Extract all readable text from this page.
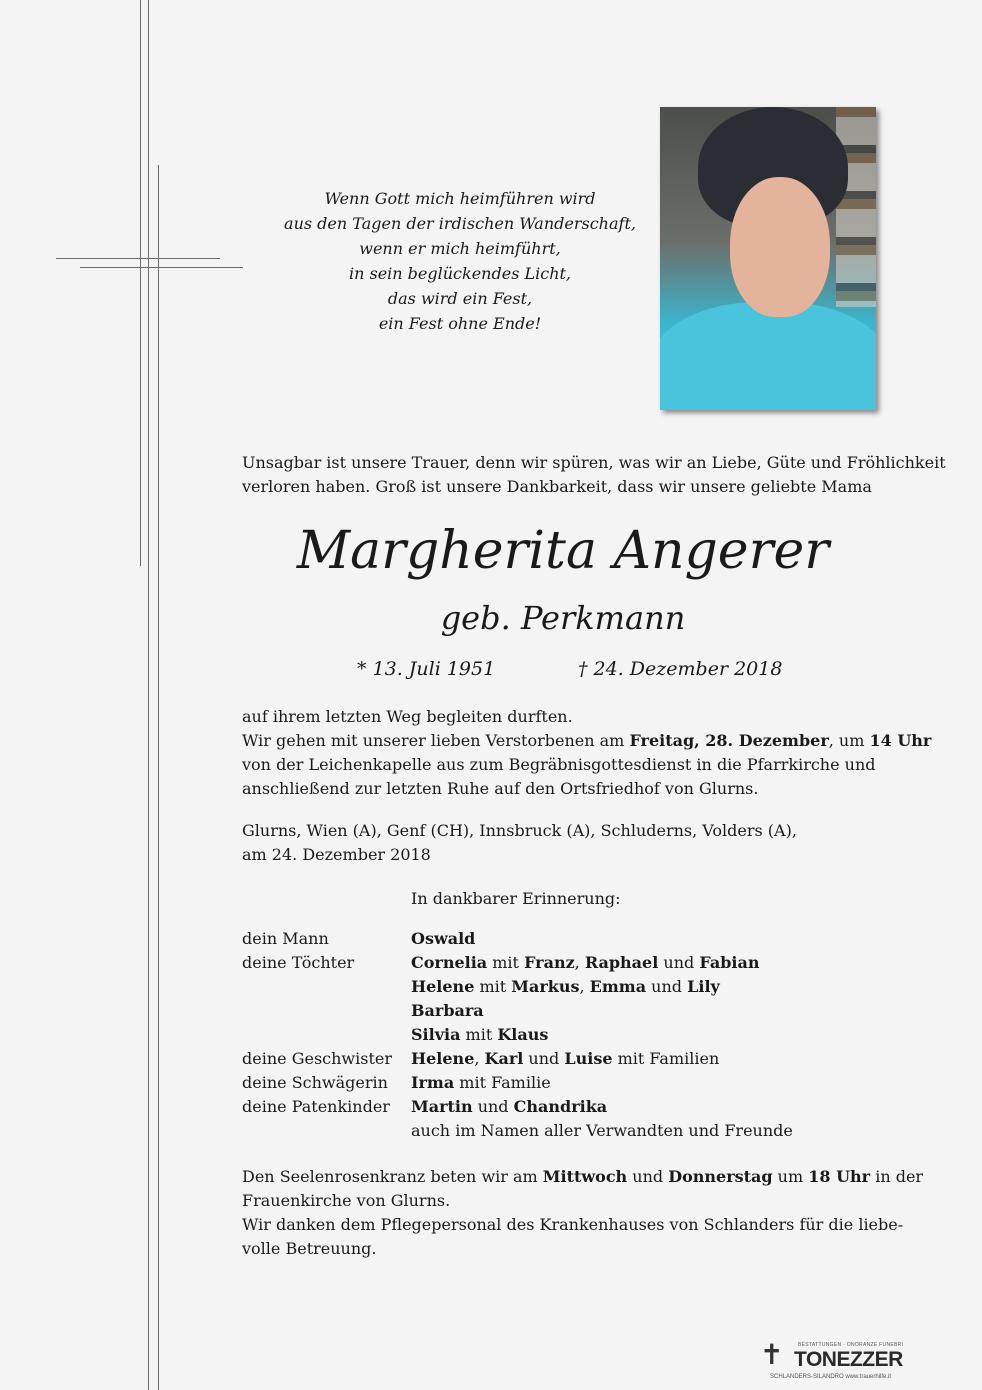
Wenn Gott mich heimführen wird
aus den Tagen der irdischen Wanderschaft,
wenn er mich heimführt,
in sein beglückendes Licht,
das wird ein Fest,
ein Fest ohne Ende!
Unsagbar ist unsere Trauer, denn wir spüren, was wir an Liebe, Güte und Fröhlichkeit
verloren haben. Groß ist unsere Dankbarkeit, dass wir unsere geliebte Mama
Margherita Angerer
geb. Perkmann
* 13. Juli 1951	† 24. Dezember 2018
auf ihrem letzten Weg begleiten durften.
Wir gehen mit unserer lieben Verstorbenen am Freitag, 28. Dezember, um 14 Uhr
von der Leichenkapelle aus zum Begräbnisgottesdienst in die Pfarrkirche und
anschließend zur letzten Ruhe auf den Ortsfriedhof von Glurns.
Glurns, Wien (A), Genf (CH), Innsbruck (A), Schluderns, Volders (A),
am 24. Dezember 2018
In dankbarer Erinnerung:
dein Mann	Oswald
deine Töchter	Cornelia mit Franz, Raphael und Fabian
Helene mit Markus, Emma und Lily
Barbara
Silvia mit Klaus
deine Geschwister	Helene, Karl und Luise mit Familien
deine Schwägerin	Irma mit Familie
deine Patenkinder	Martin und Chandrika
auch im Namen aller Verwandten und Freunde
Den Seelenrosenkranz beten wir am Mittwoch und Donnerstag um 18 Uhr in der
Frauenkirche von Glurns.
Wir danken dem Pflegepersonal des Krankenhauses von Schlanders für die liebe-
volle Betreuung.
✝	BESTATTUNGEN · ONORANZE FUNEBRI
TONEZZER
SCHLANDERS-SILANDRO www.trauerhilfe.it
